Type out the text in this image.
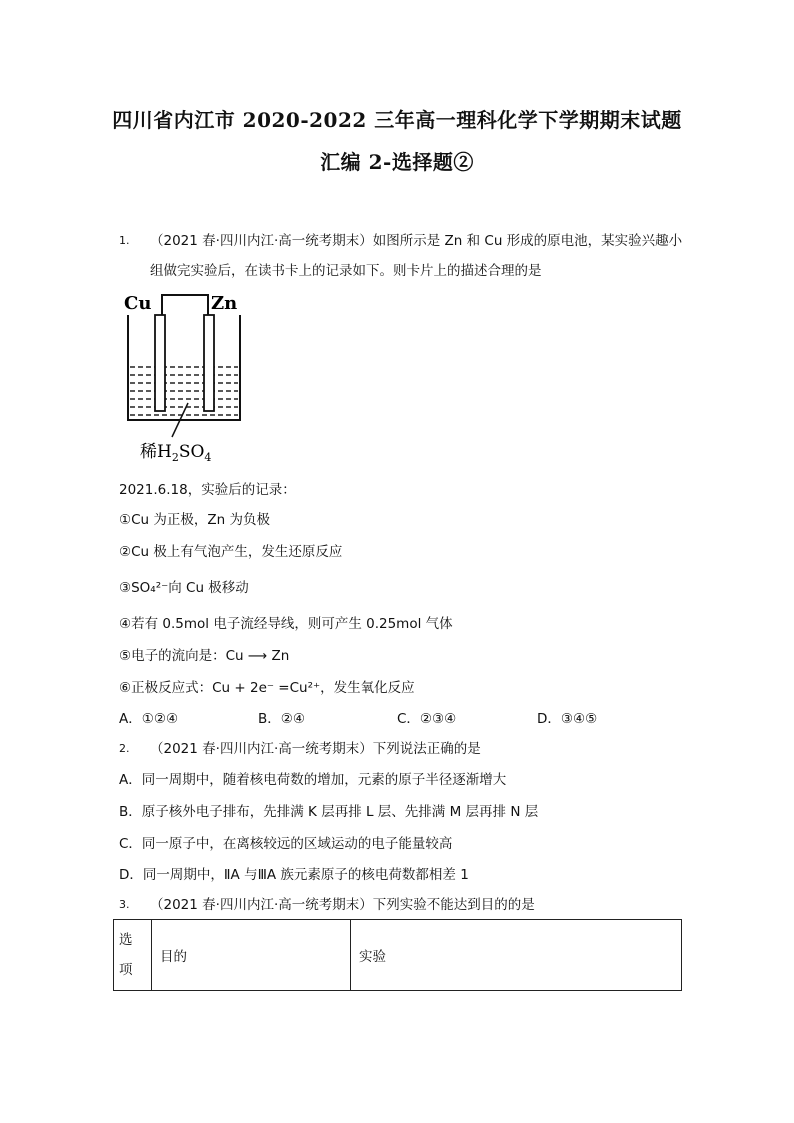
四川省内江市 2020-2022 三年高一理科化学下学期期末试题
汇编 2-选择题②
1. （2021 春·四川内江·高一统考期末）如图所示是 Zn 和 Cu 形成的原电池，某实验兴趣小
组做完实验后，在读书卡上的记录如下。则卡片上的描述合理的是
Cu	Zn
稀$H_2SO_4$
2021.6.18，实验后的记录：
①Cu 为正极，Zn 为负极
②Cu 极上有气泡产生，发生还原反应
③SO₄²⁻向 Cu 极移动
④若有 0.5mol 电子流经导线，则可产生 0.25mol 气体
⑤电子的流向是：Cu ⟶ Zn
⑥正极反应式：Cu + 2e⁻ =Cu²⁺，发生氧化反应
A．①②④	B．②④	C．②③④	D．③④⑤
2. （2021 春·四川内江·高一统考期末）下列说法正确的是
A．同一周期中，随着核电荷数的增加，元素的原子半径逐渐增大
B．原子核外电子排布，先排满 K 层再排 L 层、先排满 M 层再排 N 层
C．同一原子中，在离核较远的区域运动的电子能量较高
D．同一周期中，ⅡA 与ⅢA 族元素原子的核电荷数都相差 1
3. （2021 春·四川内江·高一统考期末）下列实验不能达到目的的是
选
项
	目的	实验
